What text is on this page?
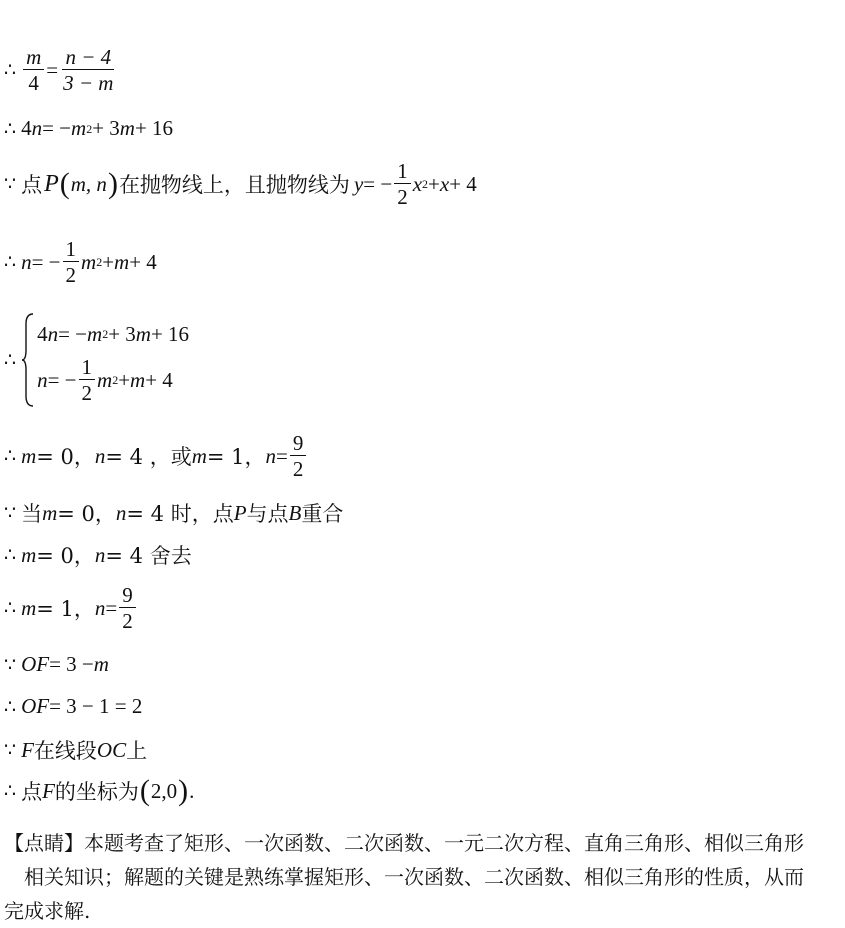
∴ $\frac{m}{4} = \frac{n - 4}{3 - m}$
∴ 4 n = − m 2 + 3 m + 16
∵ 点 P ( m, n ) 在抛物线上，且抛物线为 y = − $\frac{1}{2}$ x 2 + x + 4
∴ n = − $\frac{1}{2}$ m 2 + m + 4
∴
4 n = − m 2 + 3 m + 16
n = − $\frac{1}{2}$ m 2 + m + 4
∴ m = 0， n = 4 ，或 m = 1， $n = \frac{9}{2}$
∵ 当 m = 0， n = 4 时，点 P 与点 B 重合
∴ m = 0， n = 4 舍去
∴ m = 1， $n = \frac{9}{2}$
∵ OF = 3 − m
∴ OF = 3 − 1 = 2
∵ F 在线段 OC 上
∴ 点 F 的坐标为 ( 2,0 ) .
【点睛】本题考查了矩形、一次函数、二次函数、一元二次方程、直角三角形、相似三角形
相关知识；解题的关键是熟练掌握矩形、一次函数、二次函数、相似三角形的性质，从而
完成求解.
